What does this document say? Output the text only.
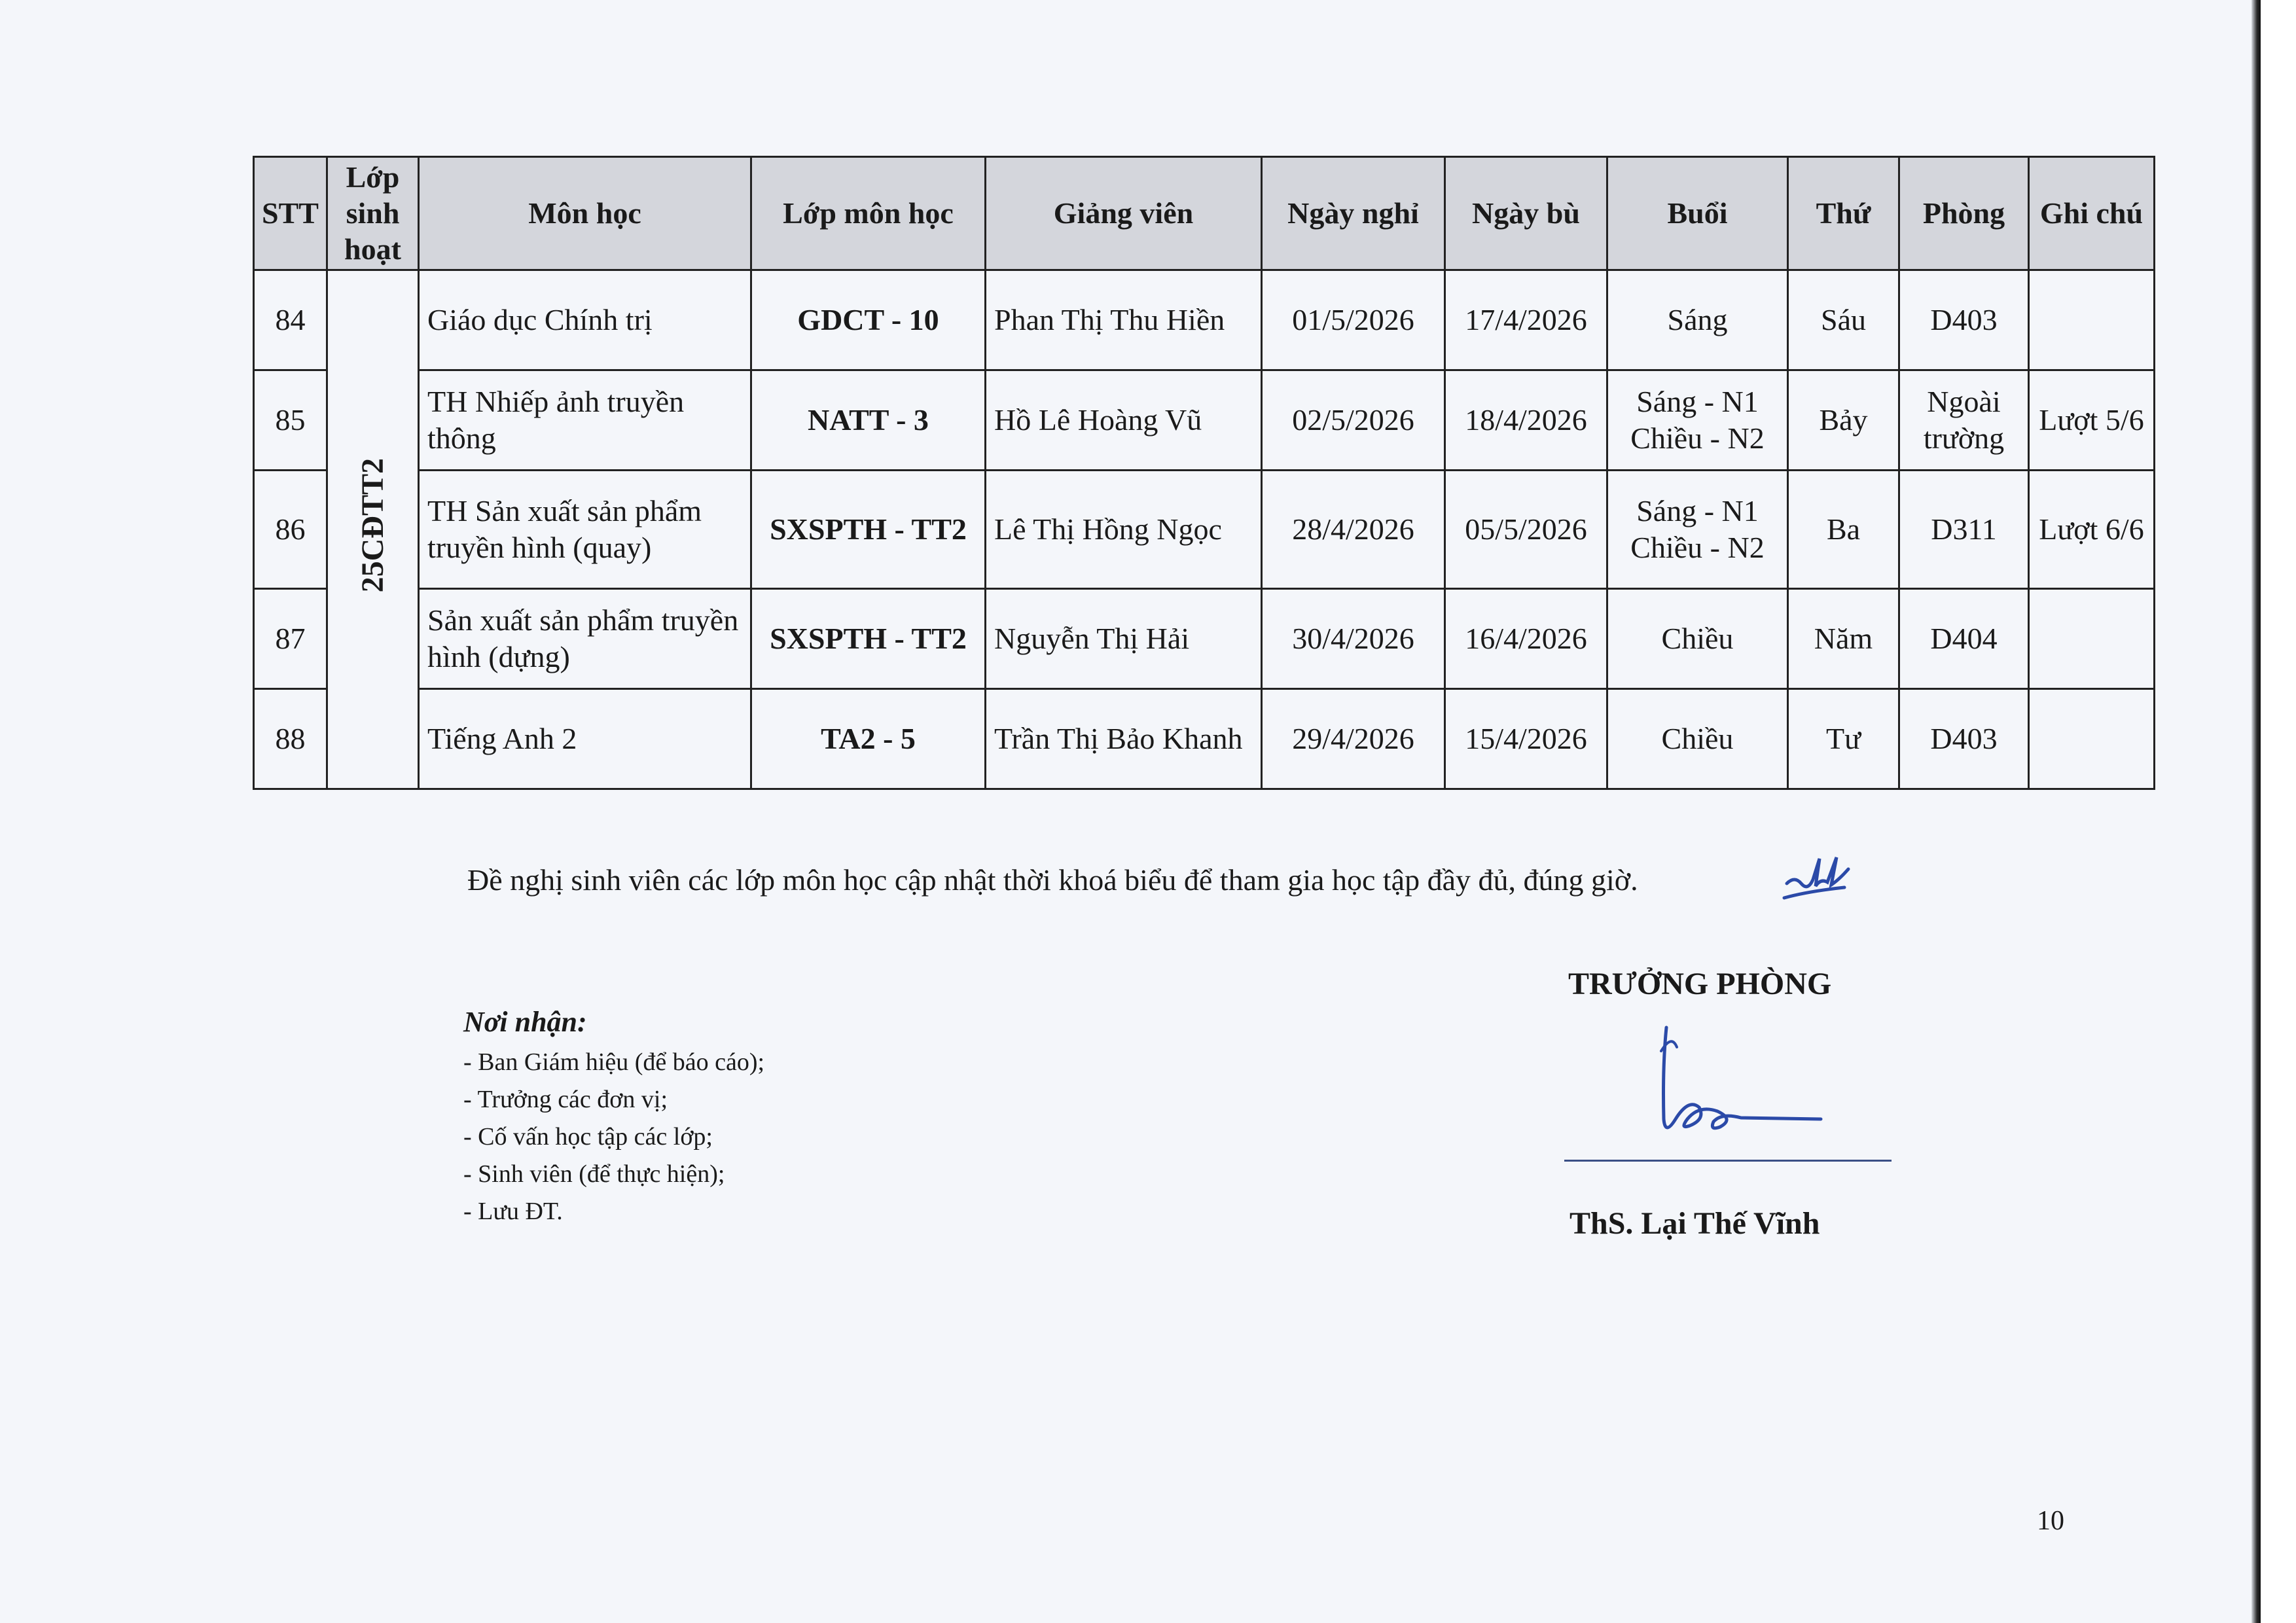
STT	Lớp sinh hoạt	Môn học	Lớp môn học	Giảng viên	Ngày nghỉ	Ngày bù	Buổi	Thứ	Phòng	Ghi chú
84	25CĐTT2	Giáo dục Chính trị	GDCT - 10	Phan Thị Thu Hiền	01/5/2026	17/4/2026	Sáng	Sáu	D403	
85		TH Nhiếp ảnh truyền thông	NATT - 3	Hồ Lê Hoàng Vũ	02/5/2026	18/4/2026	Sáng - N1 Chiều - N2	Bảy	Ngoài trường	Lượt 5/6
86		TH Sản xuất sản phẩm truyền hình (quay)	SXSPTH - TT2	Lê Thị Hồng Ngọc	28/4/2026	05/5/2026	Sáng - N1 Chiều - N2	Ba	D311	Lượt 6/6
87		Sản xuất sản phẩm truyền hình (dựng)	SXSPTH - TT2	Nguyễn Thị Hải	30/4/2026	16/4/2026	Chiều	Năm	D404	
88		Tiếng Anh 2	TA2 - 5	Trần Thị Bảo Khanh	29/4/2026	15/4/2026	Chiều	Tư	D403	
Đề nghị sinh viên các lớp môn học cập nhật thời khoá biểu để tham gia học tập đầy đủ, đúng giờ.
Nơi nhận:
- Ban Giám hiệu (để báo cáo);
- Trưởng các đơn vị;
- Cố vấn học tập các lớp;
- Sinh viên (để thực hiện);
- Lưu ĐT.
TRƯỞNG PHÒNG
ThS. Lại Thế Vĩnh
10
